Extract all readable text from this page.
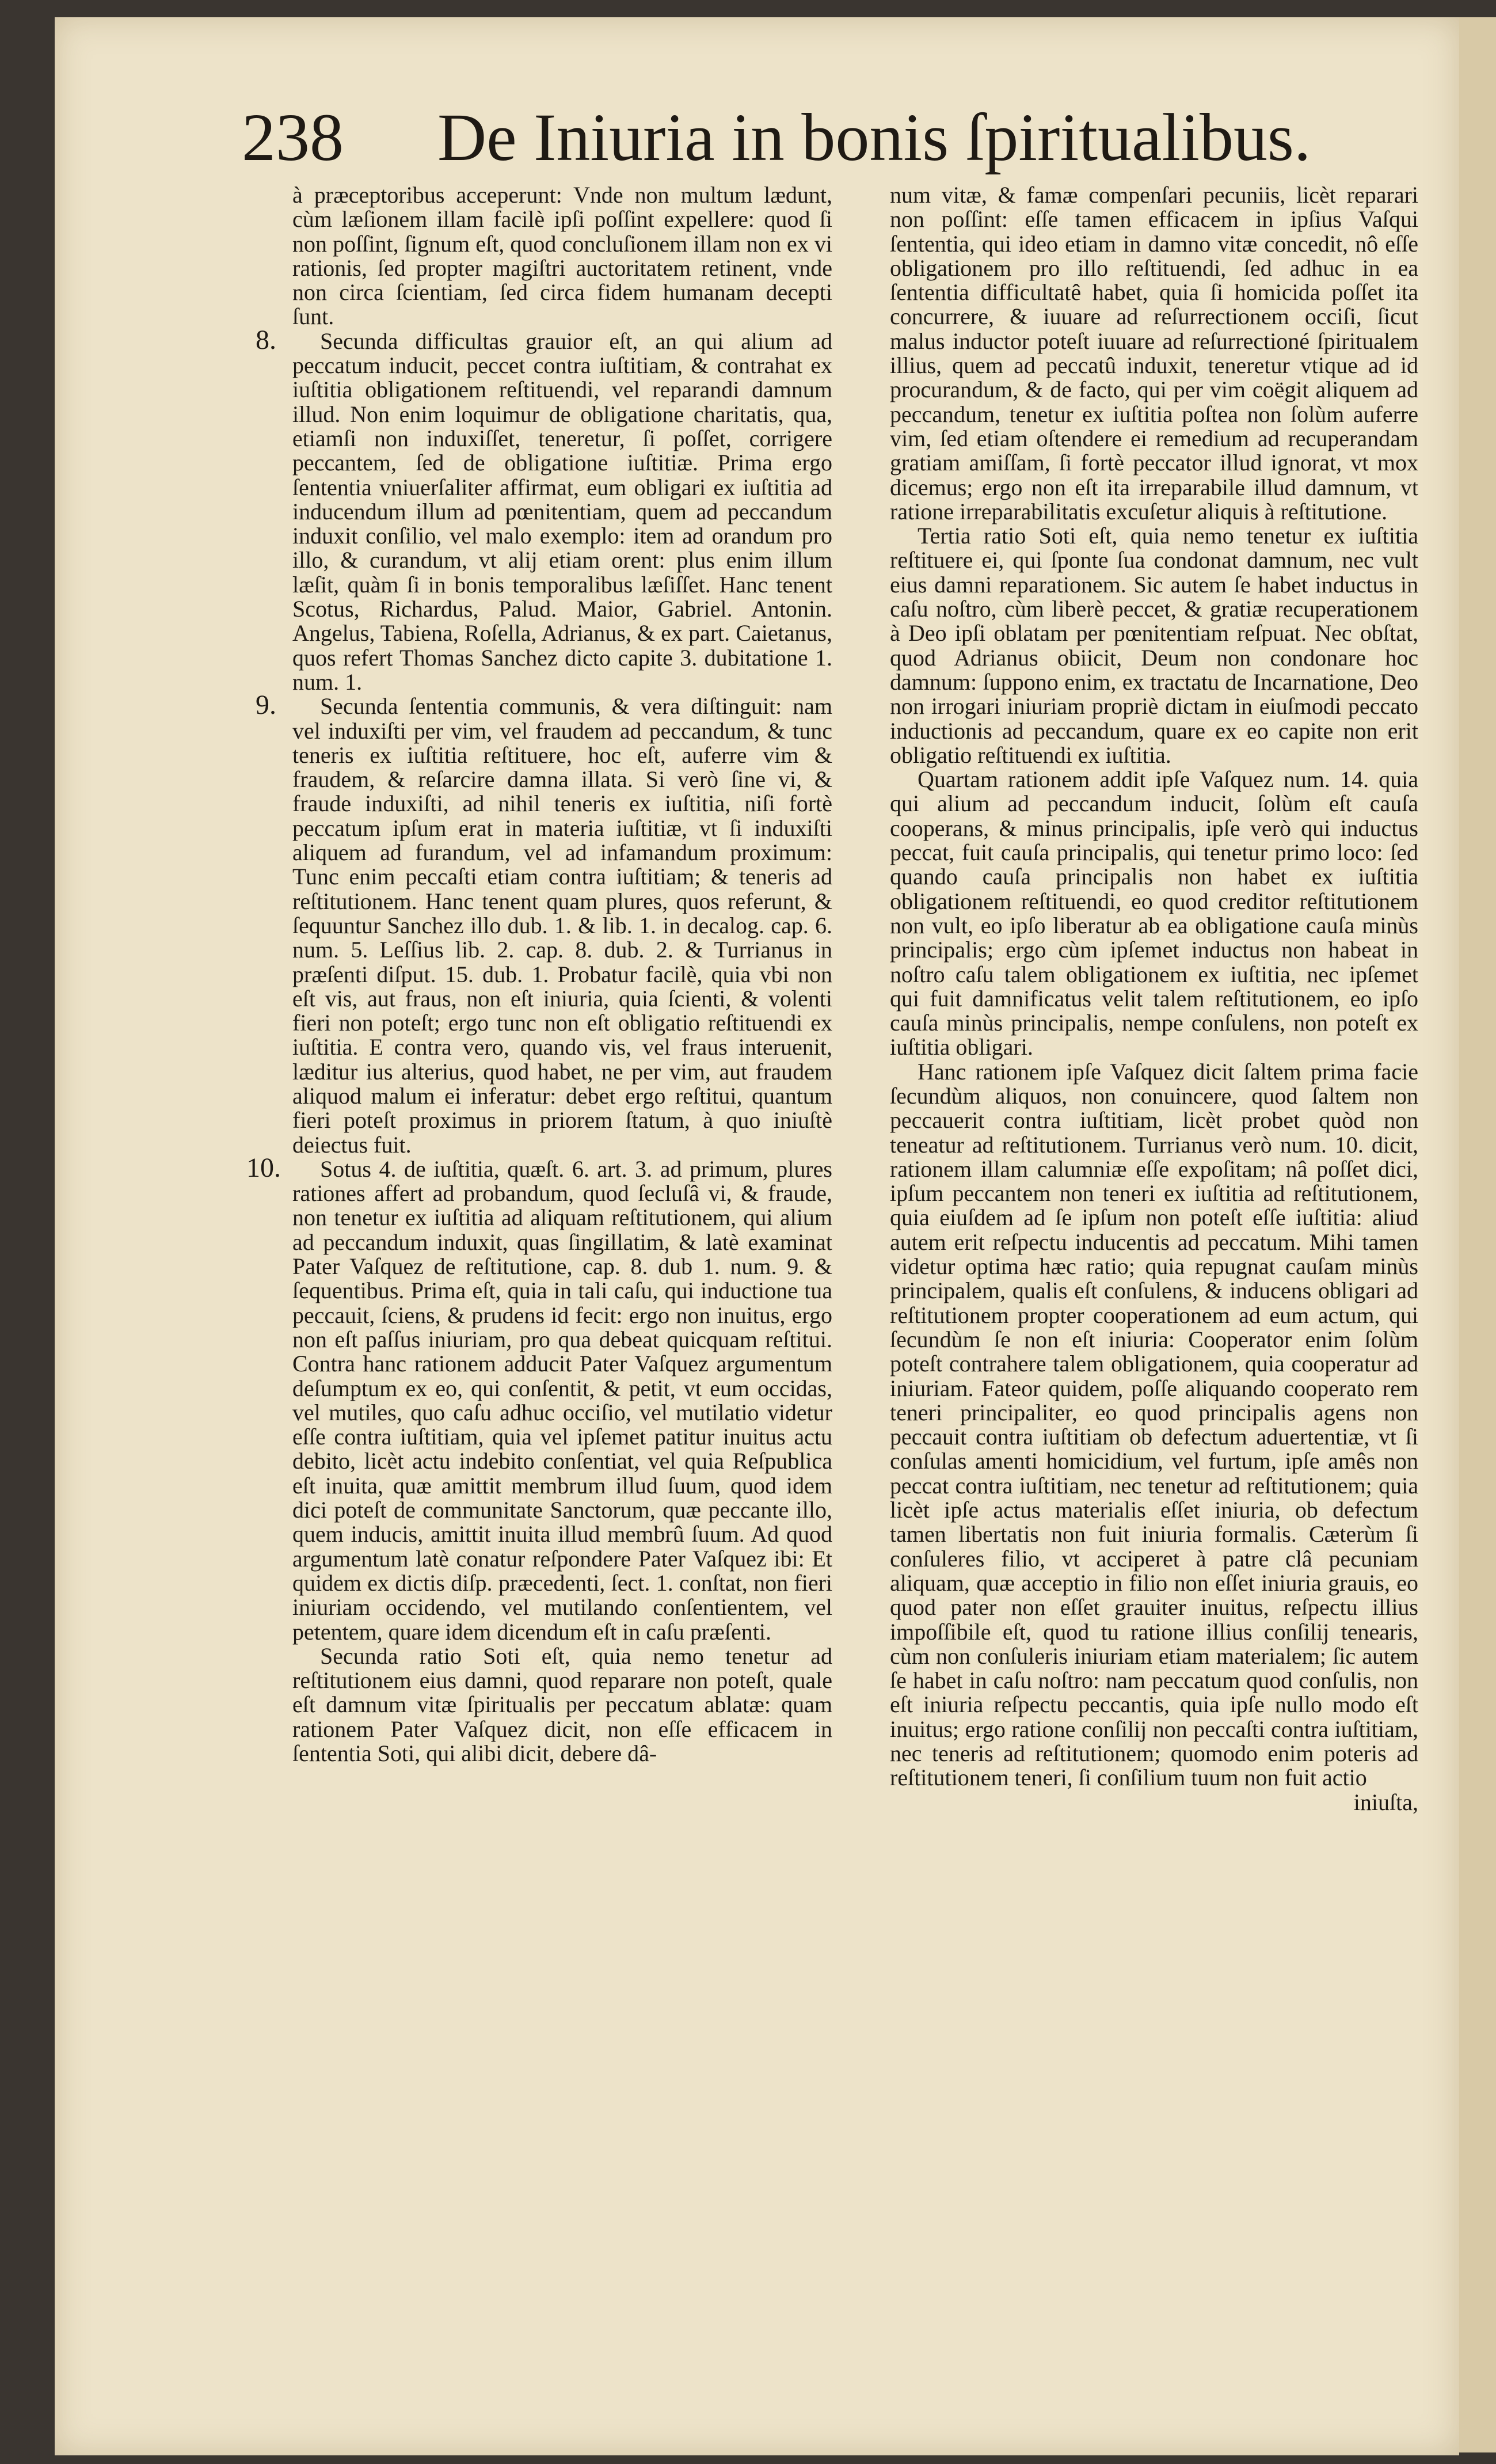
238 De Iniuria in bonis ſpiritualibus.

à præceptoribus acceperunt: Vnde non multum lædunt, cùm læſionem illam facilè ipſi poſſint expellere: quod ſi non poſſint, ſignum eſt, quod concluſionem illam non ex vi rationis, ſed propter magiſtri auctoritatem retinent, vnde non circa ſcientiam, ſed circa fidem humanam decepti ſunt.

8.	Secunda difficultas grauior eſt, an qui alium ad peccatum inducit, peccet contra iuſtitiam, & contrahat ex iuſtitia obligationem reſtituendi, vel reparandi damnum illud. Non enim loquimur de obligatione charitatis, qua, etiamſi non induxiſſet, teneretur, ſi poſſet, corrigere peccantem, ſed de obligatione iuſtitiæ. Prima ergo ſententia vniuerſaliter affirmat, eum obligari ex iuſtitia ad inducendum illum ad pœnitentiam, quem ad peccandum induxit conſilio, vel malo exemplo: item ad orandum pro illo, & curandum, vt alij etiam orent: plus enim illum læſit, quàm ſi in bonis temporalibus læſiſſet. Hanc tenent Scotus, Richardus, Palud. Maior, Gabriel. Antonin. Angelus, Tabiena, Roſella, Adrianus, & ex part. Caietanus, quos refert Thomas Sanchez dicto capite 3. dubitatione 1. num. 1.

9.	Secunda ſententia communis, & vera diſtinguit: nam vel induxiſti per vim, vel fraudem ad peccandum, & tunc teneris ex iuſtitia reſtituere, hoc eſt, auferre vim & fraudem, & reſarcire damna illata. Si verò ſine vi, & fraude induxiſti, ad nihil teneris ex iuſtitia, niſi fortè peccatum ipſum erat in materia iuſtitiæ, vt ſi induxiſti aliquem ad furandum, vel ad infamandum proximum: Tunc enim peccaſti etiam contra iuſtitiam; & teneris ad reſtitutionem. Hanc tenent quam plures, quos referunt, & ſequuntur Sanchez illo dub. 1. & lib. 1. in decalog. cap. 6. num. 5. Leſſius lib. 2. cap. 8. dub. 2. & Turrianus in præſenti diſput. 15. dub. 1. Probatur facilè, quia vbi non eſt vis, aut fraus, non eſt iniuria, quia ſcienti, & volenti fieri non poteſt; ergo tunc non eſt obligatio reſtituendi ex iuſtitia. E contra vero, quando vis, vel fraus interuenit, læditur ius alterius, quod habet, ne per vim, aut fraudem aliquod malum ei inferatur: debet ergo reſtitui, quantum fieri poteſt proximus in priorem ſtatum, à quo iniuſtè deiectus fuit.

10.	Sotus 4. de iuſtitia, quæſt. 6. art. 3. ad primum, plures rationes affert ad probandum, quod ſecluſâ vi, & fraude, non tenetur ex iuſtitia ad aliquam reſtitutionem, qui alium ad peccandum induxit, quas ſingillatim, & latè examinat Pater Vaſquez de reſtitutione, cap. 8. dub 1. num. 9. & ſequentibus. Prima eſt, quia in tali caſu, qui inductione tua peccauit, ſciens, & prudens id fecit: ergo non inuitus, ergo non eſt paſſus iniuriam, pro qua debeat quicquam reſtitui. Contra hanc rationem adducit Pater Vaſquez argumentum deſumptum ex eo, qui conſentit, & petit, vt eum occidas, vel mutiles, quo caſu adhuc occiſio, vel mutilatio videtur eſſe contra iuſtitiam, quia vel ipſemet patitur inuitus actu debito, licèt actu indebito conſentiat, vel quia Reſpublica eſt inuita, quæ amittit membrum illud ſuum, quod idem dici poteſt de communitate Sanctorum, quæ peccante illo, quem inducis, amittit inuita illud membrû ſuum. Ad quod argumentum latè conatur reſpondere Pater Vaſquez ibi: Et quidem ex dictis diſp. præcedenti, ſect. 1. conſtat, non fieri iniuriam occidendo, vel mutilando conſentientem, vel petentem, quare idem dicendum eſt in caſu præſenti.

Secunda ratio Soti eſt, quia nemo tenetur ad reſtitutionem eius damni, quod reparare non poteſt, quale eſt damnum vitæ ſpiritualis per peccatum ablatæ: quam rationem Pater Vaſquez dicit, non eſſe efficacem in ſententia Soti, qui alibi dicit, debere dâ-

num vitæ, & famæ compenſari pecuniis, licèt reparari non poſſint: eſſe tamen efficacem in ipſius Vaſqui ſententia, qui ideo etiam in damno vitæ concedit, nô eſſe obligationem pro illo reſtituendi, ſed adhuc in ea ſententia difficultatê habet, quia ſi homicida poſſet ita concurrere, & iuuare ad reſurrectionem occiſi, ſicut malus inductor poteſt iuuare ad reſurrectioné ſpiritualem illius, quem ad peccatû induxit, teneretur vtique ad id procurandum, & de facto, qui per vim coëgit aliquem ad peccandum, tenetur ex iuſtitia poſtea non ſolùm auferre vim, ſed etiam oſtendere ei remedium ad recuperandam gratiam amiſſam, ſi fortè peccator illud ignorat, vt mox dicemus; ergo non eſt ita irreparabile illud damnum, vt ratione irreparabilitatis excuſetur aliquis à reſtitutione.

Tertia ratio Soti eſt, quia nemo tenetur ex iuſtitia reſtituere ei, qui ſponte ſua condonat damnum, nec vult eius damni reparationem. Sic autem ſe habet inductus in caſu noſtro, cùm liberè peccet, & gratiæ recuperationem à Deo ipſi oblatam per pœnitentiam reſpuat. Nec obſtat, quod Adrianus obiicit, Deum non condonare hoc damnum: ſuppono enim, ex tractatu de Incarnatione, Deo non irrogari iniuriam propriè dictam in eiuſmodi peccato inductionis ad peccandum, quare ex eo capite non erit obligatio reſtituendi ex iuſtitia.

Quartam rationem addit ipſe Vaſquez num. 14. quia qui alium ad peccandum inducit, ſolùm eſt cauſa cooperans, & minus principalis, ipſe verò qui inductus peccat, fuit cauſa principalis, qui tenetur primo loco: ſed quando cauſa principalis non habet ex iuſtitia obligationem reſtituendi, eo quod creditor reſtitutionem non vult, eo ipſo liberatur ab ea obligatione cauſa minùs principalis; ergo cùm ipſemet inductus non habeat in noſtro caſu talem obligationem ex iuſtitia, nec ipſemet qui fuit damnificatus velit talem reſtitutionem, eo ipſo cauſa minùs principalis, nempe conſulens, non poteſt ex iuſtitia obligari.

Hanc rationem ipſe Vaſquez dicit ſaltem prima facie ſecundùm aliquos, non conuincere, quod ſaltem non peccauerit contra iuſtitiam, licèt probet quòd non teneatur ad reſtitutionem. Turrianus verò num. 10. dicit, rationem illam calumniæ eſſe expoſitam; nâ poſſet dici, ipſum peccantem non teneri ex iuſtitia ad reſtitutionem, quia eiuſdem ad ſe ipſum non poteſt eſſe iuſtitia: aliud autem erit reſpectu inducentis ad peccatum. Mihi tamen videtur optima hæc ratio; quia repugnat cauſam minùs principalem, qualis eſt conſulens, & inducens obligari ad reſtitutionem propter cooperationem ad eum actum, qui ſecundùm ſe non eſt iniuria: Cooperator enim ſolùm poteſt contrahere talem obligationem, quia cooperatur ad iniuriam. Fateor quidem, poſſe aliquando cooperato rem teneri principaliter, eo quod principalis agens non peccauit contra iuſtitiam ob defectum aduertentiæ, vt ſi conſulas amenti homicidium, vel furtum, ipſe amês non peccat contra iuſtitiam, nec tenetur ad reſtitutionem; quia licèt ipſe actus materialis eſſet iniuria, ob defectum tamen libertatis non fuit iniuria formalis. Cæterùm ſi conſuleres filio, vt acciperet à patre clâ pecuniam aliquam, quæ acceptio in filio non eſſet iniuria grauis, eo quod pater non eſſet grauiter inuitus, reſpectu illius impoſſibile eſt, quod tu ratione illius conſilij tenearis, cùm non conſuleris iniuriam etiam materialem; ſic autem ſe habet in caſu noſtro: nam peccatum quod conſulis, non eſt iniuria reſpectu peccantis, quia ipſe nullo modo eſt inuitus; ergo ratione conſilij non peccaſti contra iuſtitiam, nec teneris ad reſtitutionem; quomodo enim poteris ad reſtitutionem teneri, ſi conſilium tuum non fuit actio

iniuſta,
